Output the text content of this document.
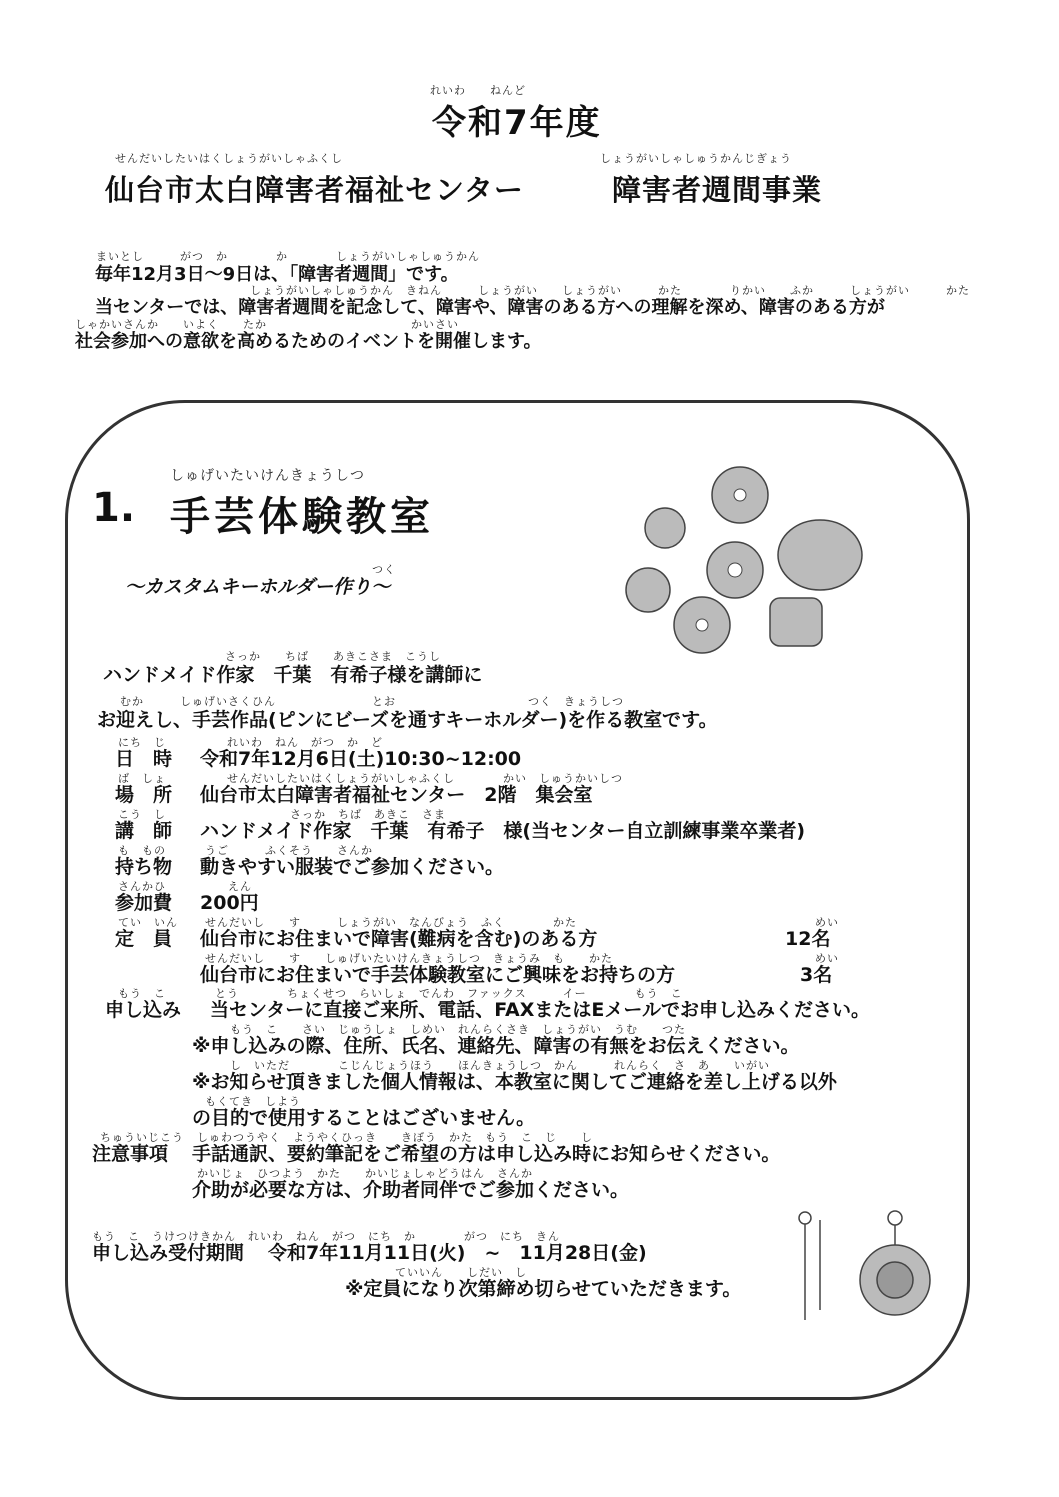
れいわ　　ねんど
令和7年度
せんだいしたいはくしょうがいしゃふくし
仙台市太白障害者福祉センター
しょうがいしゃしゅうかんじぎょう
障害者週間事業
まいとし　　　がつ　か　　　　か　　　　しょうがいしゃしゅうかん
毎年12月3日～9日は、「障害者週間」です。
しょうがいしゃしゅうかん　きねん　　　しょうがい　　しょうがい　　　かた　　　　りかい　　ふか　　　しょうがい　　　かた
当センターでは、障害者週間を記念して、障害や、障害のある方への理解を深め、障害のある方が
しゃかいさんか　　いよく　　たか　　　　　　　　　　　　かいさい
社会参加への意欲を高めるためのイベントを開催します。
しゅげいたいけんきょうしつ
1. 手芸体験教室
つく
～カスタムキーホルダー作り～
さっか　　ちば　　あきこさま　こうし
ハンドメイド作家　千葉　有希子様を講師に
むか　　　しゅげいさくひん　　　　　　　　とお　　　　　　　　　　　つく　きょうしつ
お迎えし、手芸作品(ピンにビーズを通すキーホルダー)を作る教室です。
にち　じ
日　時
れいわ　ねん　がつ　か　ど
令和7年12月6日(土)10:30~12:00
ば　しょ
場　所
せんだいしたいはくしょうがいしゃふくし　　　　かい　しゅうかいしつ
仙台市太白障害者福祉センター　2階　集会室
こう　し
講　師
さっか　ちば　あきこ　さま
ハンドメイド作家　千葉　有希子　様(当センター自立訓練事業卒業者)
も　もの
持ち物
うご　　　ふくそう　　さんか
動きやすい服装でご参加ください。
さんかひ
参加費
えん
200円
てい　いん
定　員
せんだいし　　す　　　しょうがい　なんびょう　ふく　　　　かた
仙台市にお住まいで障害(難病を含む)のある方
めい
12名
せんだいし　　す　　しゅげいたいけんきょうしつ　きょうみ　も　　かた
仙台市にお住まいで手芸体験教室にご興味をお持ちの方
めい
3名
もう　こ
申し込み
とう　　　　ちょくせつ　らいしょ　でんわ　ファックス　　　イー　　　　もう　こ
当センターに直接ご来所、電話、FAXまたはEメールでお申し込みください。
もう　こ　　さい　じゅうしょ　しめい　れんらくさき　しょうがい　うむ　　つた
※申し込みの際、住所、氏名、連絡先、障害の有無をお伝えください。
し　いただ　　　　こじんじょうほう　　ほんきょうしつ　かん　　　れんらく　さ　あ　　いがい
※お知らせ頂きました個人情報は、本教室に関してご連絡を差し上げる以外
もくてき　しよう
の目的で使用することはございません。
ちゅういじこう
注意事項
しゅわつうやく　ようやくひっき　　きぼう　かた　もう　こ　じ　　し
手話通訳、要約筆記をご希望の方は申し込み時にお知らせください。
かいじょ　ひつよう　かた　　かいじょしゃどうはん　さんか
介助が必要な方は、介助者同伴でご参加ください。
もう　こ　うけつけきかん　れいわ　ねん　がつ　にち　か　　　　がつ　にち　きん
申し込み受付期間 令和7年11月11日(火)　~　11月28日(金)
ていいん　　しだい　し
※定員になり次第締め切らせていただきます。
